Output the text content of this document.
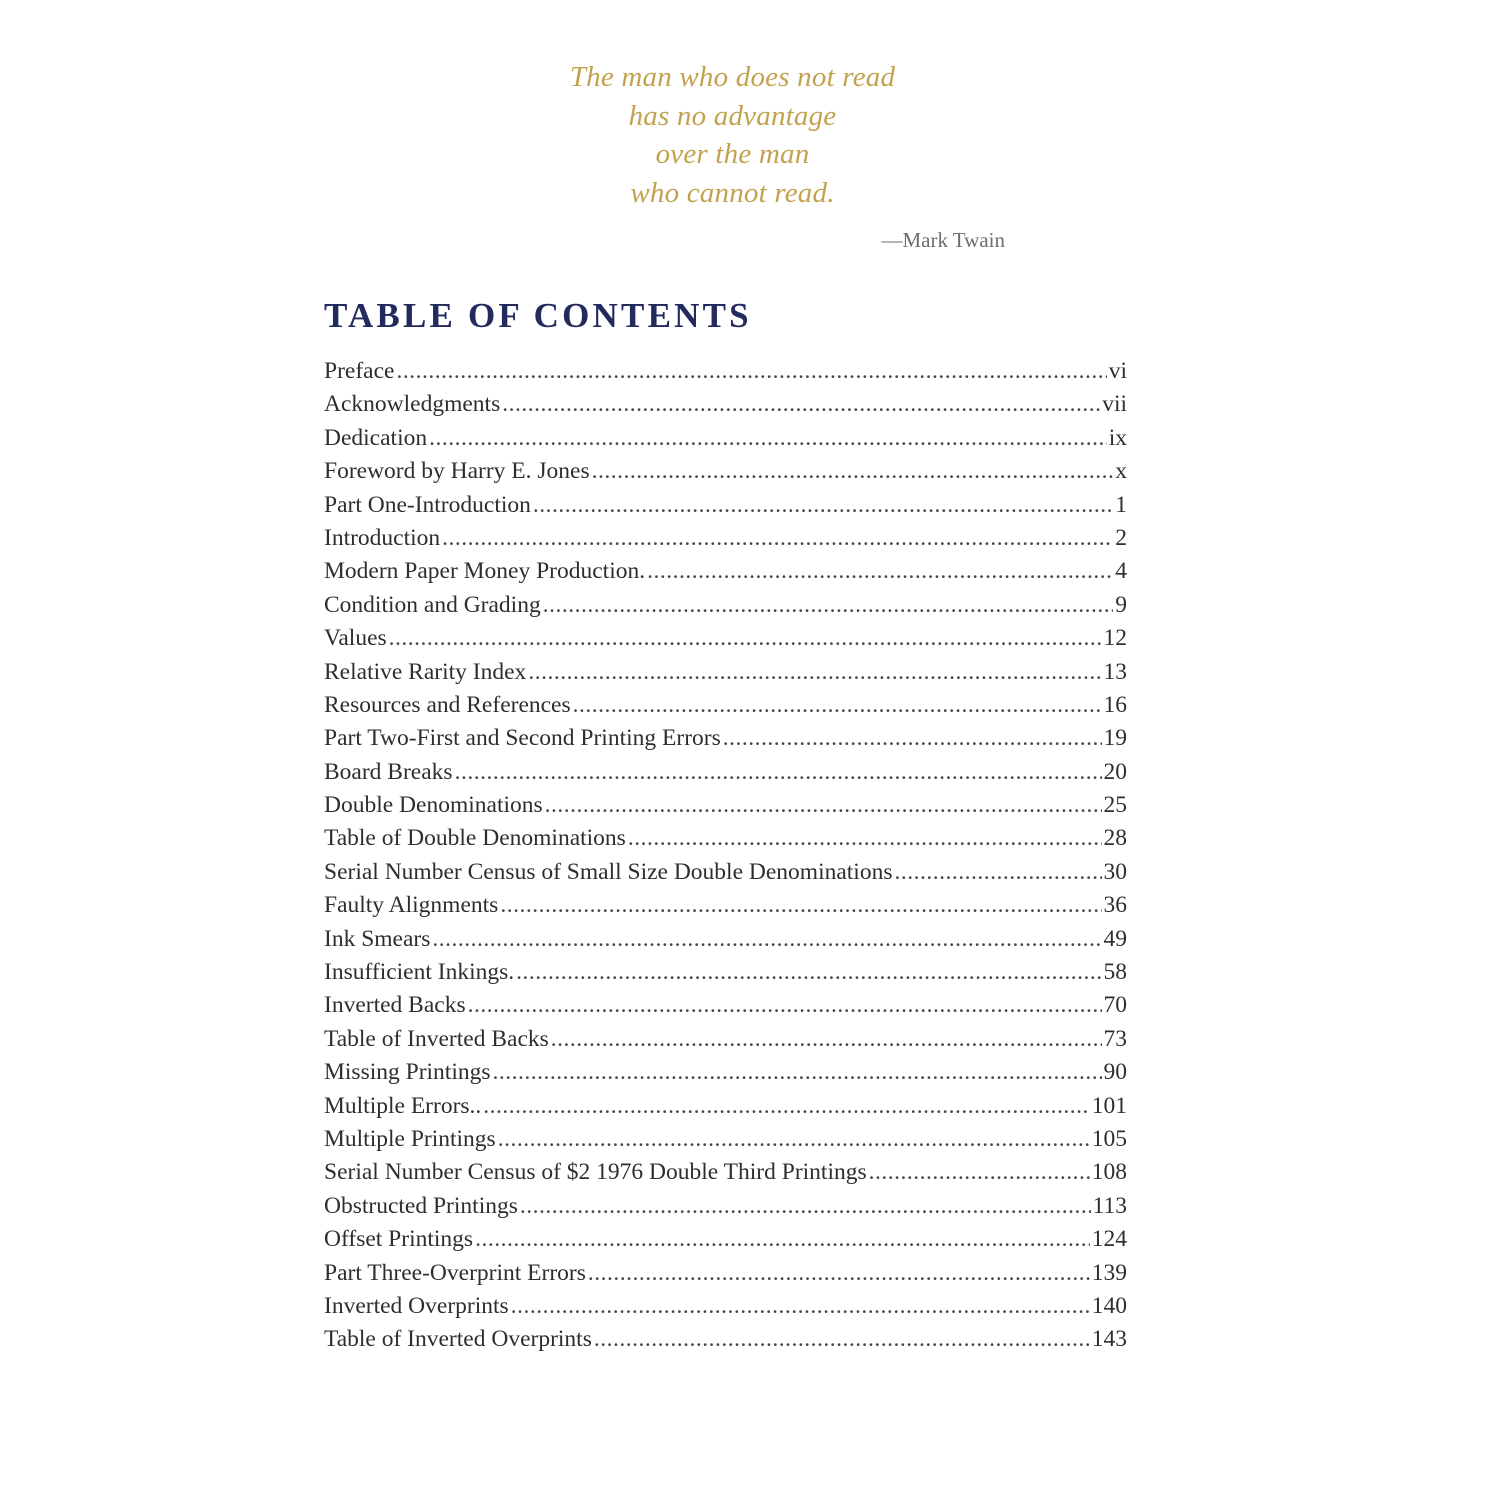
The man who does not read
has no advantage
over the man
who cannot read.
—Mark Twain
TABLE OF CONTENTS
Preface .....	vi
Acknowledgments .....	vii
Dedication .....	ix
Foreword by Harry E. Jones .....	x
Part One-Introduction .....	1
Introduction .....	2
Modern Paper Money Production. .....	4
Condition and Grading .....	9
Values .....	12
Relative Rarity Index .....	13
Resources and References .....	16
Part Two-First and Second Printing Errors .....	19
Board Breaks .....	20
Double Denominations .....	25
Table of Double Denominations .....	28
Serial Number Census of Small Size Double Denominations .....	30
Faulty Alignments .....	36
Ink Smears .....	49
Insufficient Inkings. .....	58
Inverted Backs .....	70
Table of Inverted Backs .....	73
Missing Printings .....	90
Multiple Errors.. .....	101
Multiple Printings .....	105
Serial Number Census of $2 1976 Double Third Printings .....	108
Obstructed Printings .....	113
Offset Printings .....	124
Part Three-Overprint Errors .....	139
Inverted Overprints .....	140
Table of Inverted Overprints .....	143
